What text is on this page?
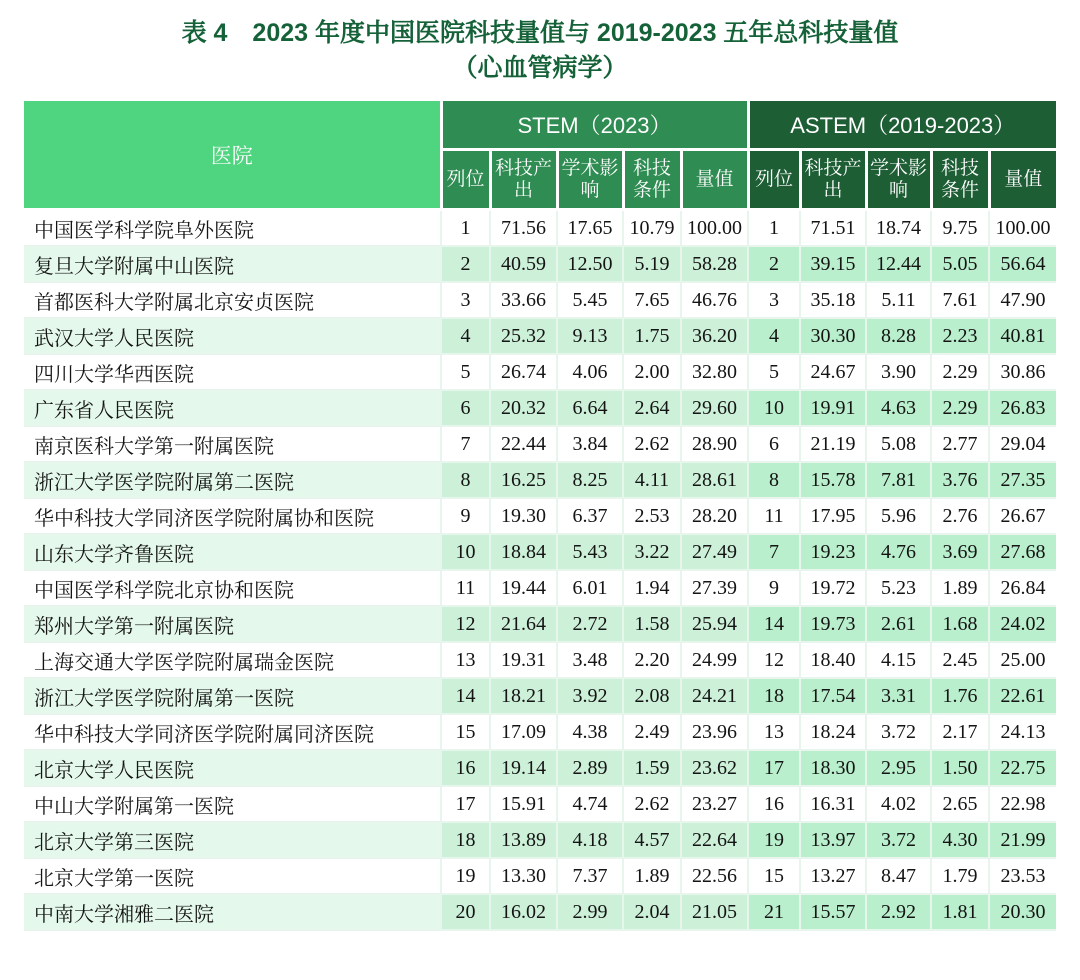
表 4　2023 年度中国医院科技量值与 2019-2023 五年总科技量值
（心血管病学）
医院	STEM（2023）					ASTEM（2019-2023）				
	列位	科技产出	学术影响	科技条件	量值	列位	科技产出	学术影响	科技条件	量值
中国医学科学院阜外医院	1	71.56	17.65	10.79	100.00	1	71.51	18.74	9.75	100.00
复旦大学附属中山医院	2	40.59	12.50	5.19	58.28	2	39.15	12.44	5.05	56.64
首都医科大学附属北京安贞医院	3	33.66	5.45	7.65	46.76	3	35.18	5.11	7.61	47.90
武汉大学人民医院	4	25.32	9.13	1.75	36.20	4	30.30	8.28	2.23	40.81
四川大学华西医院	5	26.74	4.06	2.00	32.80	5	24.67	3.90	2.29	30.86
广东省人民医院	6	20.32	6.64	2.64	29.60	10	19.91	4.63	2.29	26.83
南京医科大学第一附属医院	7	22.44	3.84	2.62	28.90	6	21.19	5.08	2.77	29.04
浙江大学医学院附属第二医院	8	16.25	8.25	4.11	28.61	8	15.78	7.81	3.76	27.35
华中科技大学同济医学院附属协和医院	9	19.30	6.37	2.53	28.20	11	17.95	5.96	2.76	26.67
山东大学齐鲁医院	10	18.84	5.43	3.22	27.49	7	19.23	4.76	3.69	27.68
中国医学科学院北京协和医院	11	19.44	6.01	1.94	27.39	9	19.72	5.23	1.89	26.84
郑州大学第一附属医院	12	21.64	2.72	1.58	25.94	14	19.73	2.61	1.68	24.02
上海交通大学医学院附属瑞金医院	13	19.31	3.48	2.20	24.99	12	18.40	4.15	2.45	25.00
浙江大学医学院附属第一医院	14	18.21	3.92	2.08	24.21	18	17.54	3.31	1.76	22.61
华中科技大学同济医学院附属同济医院	15	17.09	4.38	2.49	23.96	13	18.24	3.72	2.17	24.13
北京大学人民医院	16	19.14	2.89	1.59	23.62	17	18.30	2.95	1.50	22.75
中山大学附属第一医院	17	15.91	4.74	2.62	23.27	16	16.31	4.02	2.65	22.98
北京大学第三医院	18	13.89	4.18	4.57	22.64	19	13.97	3.72	4.30	21.99
北京大学第一医院	19	13.30	7.37	1.89	22.56	15	13.27	8.47	1.79	23.53
中南大学湘雅二医院	20	16.02	2.99	2.04	21.05	21	15.57	2.92	1.81	20.30
